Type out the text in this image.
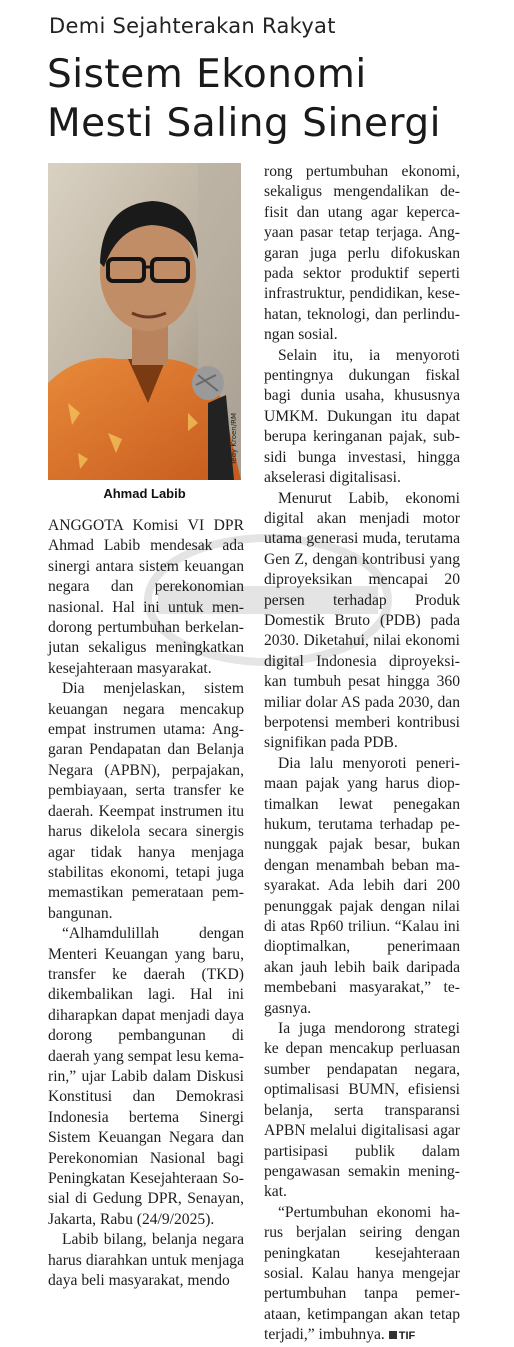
Demi Sejahterakan Rakyat
Sistem Ekonomi
Mesti Saling Sinergi
Tedy Kroen/RM
Ahmad Labib

ANGGOTA Komisi VI DPR Ahmad Labib mendesak ada sinergi antara sistem keuangan negara dan perekonomian nasional. Hal ini untuk mendorong pertumbuhan berkelanjutan sekaligus meningkatkan kesejahteraan masyarakat.

Dia menjelaskan, sistem keuangan negara mencakup empat instrumen utama: Anggaran Pendapatan dan Belanja Negara (APBN), perpajakan, pembiayaan, serta transfer ke daerah. Keempat instrumen itu harus dikelola secara sinergis agar tidak hanya menjaga stabilitas ekonomi, tetapi juga memastikan pemerataan pembangunan.

“Alhamdulillah dengan Menteri Keuangan yang baru, transfer ke daerah (TKD) dikembalikan lagi. Hal ini diharapkan dapat menjadi daya dorong pembangunan di daerah yang sempat lesu kemarin,” ujar Labib dalam Diskusi Konstitusi dan Demokrasi Indonesia bertema Sinergi Sistem Keuangan Negara dan Perekonomian Nasional bagi Peningkatan Kesejahteraan Sosial di Gedung DPR, Senayan, Jakarta, Rabu (24/9/2025).

Labib bilang, belanja negara harus diarahkan untuk menjaga daya beli masyarakat, mendo

rong pertumbuhan ekonomi, sekaligus mengendalikan defisit dan utang agar kepercayaan pasar tetap terjaga. Anggaran juga perlu difokuskan pada sektor produktif seperti infrastruktur, pendidikan, kesehatan, teknologi, dan perlindungan sosial.

Selain itu, ia menyoroti pentingnya dukungan fiskal bagi dunia usaha, khususnya UMKM. Dukungan itu dapat berupa keringanan pajak, subsidi bunga investasi, hingga akselerasi digitalisasi.

Menurut Labib, ekonomi digital akan menjadi motor utama generasi muda, terutama Gen Z, dengan kontribusi yang diproyeksikan mencapai 20 persen terhadap Produk Domestik Bruto (PDB) pada 2030. Diketahui, nilai ekonomi digital Indonesia diproyeksikan tumbuh pesat hingga 360 miliar dolar AS pada 2030, dan berpotensi memberi kontribusi signifikan pada PDB.

Dia lalu menyoroti penerimaan pajak yang harus dioptimalkan lewat penegakan hukum, terutama terhadap penunggak pajak besar, bukan dengan menambah beban masyarakat. Ada lebih dari 200 penunggak pajak dengan nilai di atas Rp60 triliun. “Kalau ini dioptimalkan, penerimaan akan jauh lebih baik daripada membebani masyarakat,” tegasnya.

Ia juga mendorong strategi ke depan mencakup perluasan sumber pendapatan negara, optimalisasi BUMN, efisiensi belanja, serta transparansi APBN melalui digitalisasi agar partisipasi publik dalam pengawasan semakin meningkat.

“Pertumbuhan ekonomi harus berjalan seiring dengan peningkatan kesejahteraan sosial. Kalau hanya mengejar pertumbuhan tanpa pemerataan, ketimpangan akan tetap terjadi,” imbuhnya. TIF
